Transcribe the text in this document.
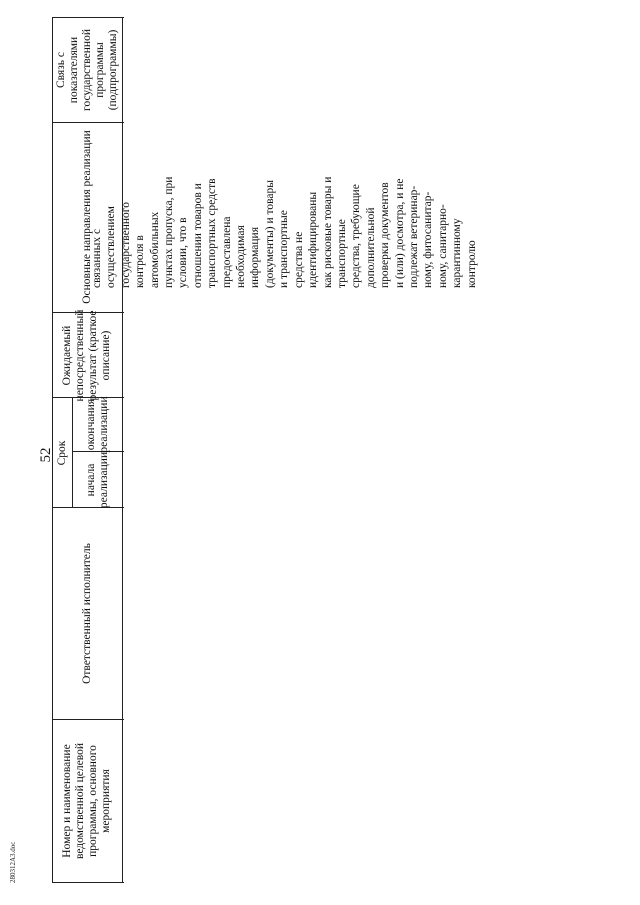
52
Номер и наименование ведомственной целевой программы, основного мероприятия
Ответственный исполнитель
Срок
начала реализации
окончания реализации
Ожидаемый непосредственный результат (краткое описание)
Основные направления реализации
Связь с показателями государственной программы (подпрограммы)
связанных с осуществлением государственного контроля в автомобильных пунктах пропуска, при условии, что в отношении товаров и транспортных средств предоставлена необходимая информация (документы) и товары и транспортные средства не идентифицированы как рисковые товары и транспортные средства, требующие дополнительной проверки документов и (или) досмотра, и не подлежат ветеринар- ному, фитосанитар- ному, санитарно- карантинному контролю
280312А3.doc
